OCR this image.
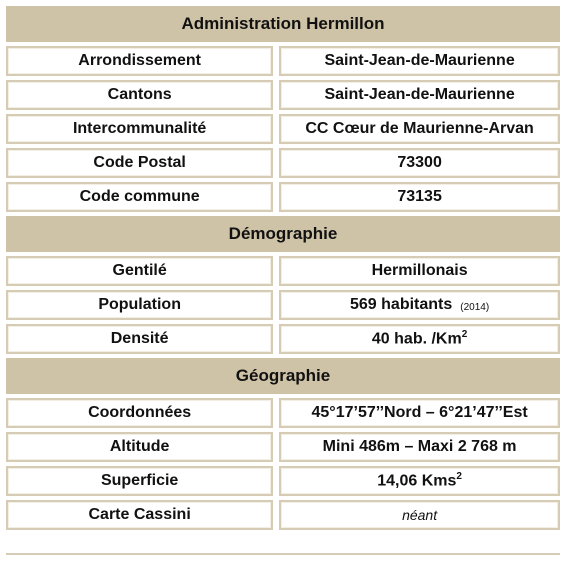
Administration Hermillon		
Arrondissement		Saint-Jean-de-Maurienne
Cantons		Saint-Jean-de-Maurienne
Intercommunalité		CC Cœur de Maurienne-Arvan
Code Postal		73300
Code commune		73135
Démographie		
Gentilé		Hermillonais
Population		569 habitants (2014)
Densité		40 hab. /Km$^2$
Géographie		
Coordonnées		45°17’57’’Nord – 6°21’47’’Est
Altitude		Mini 486m – Maxi 2 768 m
Superficie		14,06 Kms$^2$
Carte Cassini		néant
